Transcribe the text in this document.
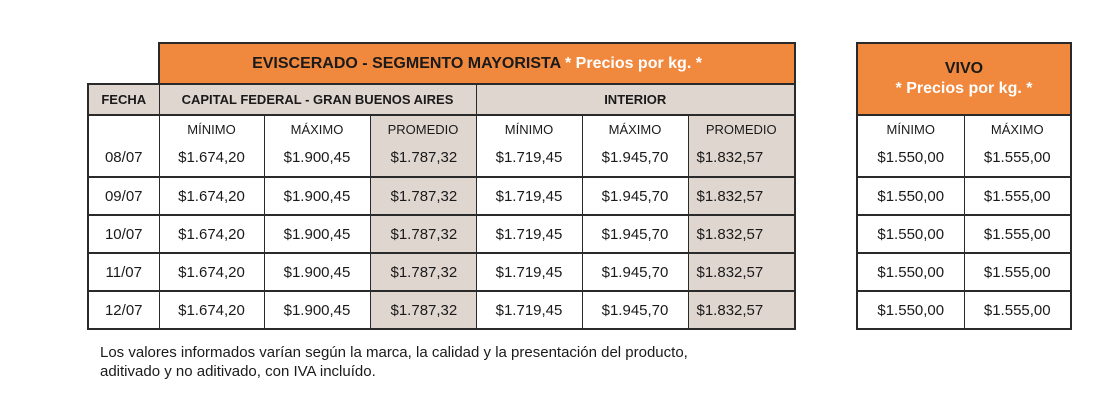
	EVISCERADO - SEGMENTO MAYORISTA * Precios por kg. *					
FECHA	CAPITAL FEDERAL - GRAN BUENOS AIRES			INTERIOR		
	MÍNIMO	MÁXIMO	PROMEDIO	MÍNIMO	MÁXIMO	PROMEDIO
08/07	$1.674,20	$1.900,45	$1.787,32	$1.719,45	$1.945,70	$1.832,57
09/07	$1.674,20	$1.900,45	$1.787,32	$1.719,45	$1.945,70	$1.832,57
10/07	$1.674,20	$1.900,45	$1.787,32	$1.719,45	$1.945,70	$1.832,57
11/07	$1.674,20	$1.900,45	$1.787,32	$1.719,45	$1.945,70	$1.832,57
12/07	$1.674,20	$1.900,45	$1.787,32	$1.719,45	$1.945,70	$1.832,57
VIVO
* Precios por kg. *	

MÍNIMO	MÁXIMO
$1.550,00	$1.555,00
$1.550,00	$1.555,00
$1.550,00	$1.555,00
$1.550,00	$1.555,00
$1.550,00	$1.555,00
Los valores informados varían según la marca, la calidad y la presentación del producto,
aditivado y no aditivado, con IVA incluído.
